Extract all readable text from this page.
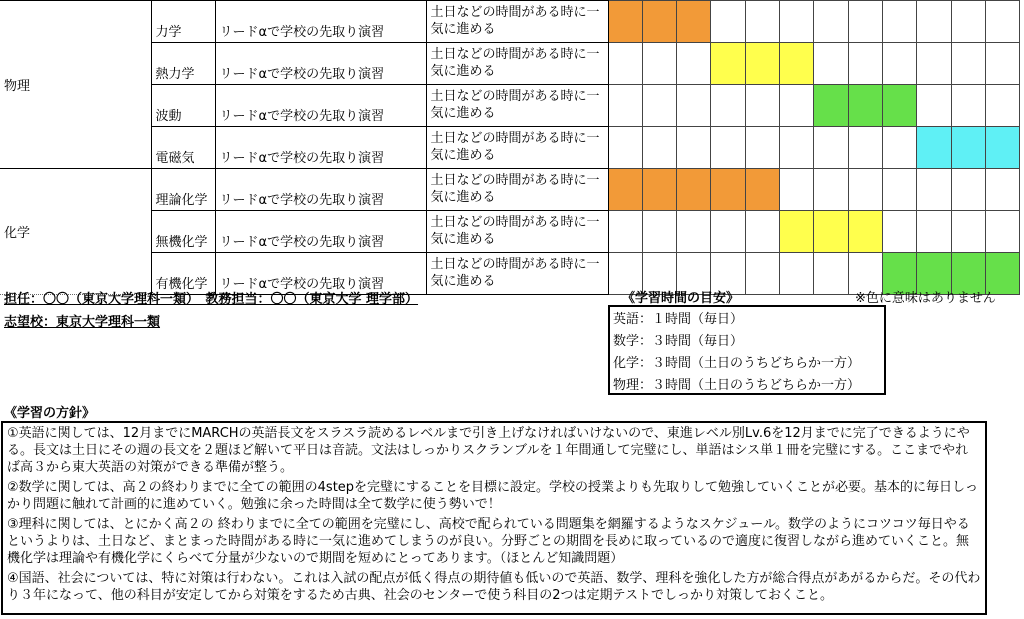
物理	力学	リードαで学校の先取り演習	土日などの時間がある時に一気に進める												
	熱力学	リードαで学校の先取り演習	土日などの時間がある時に一気に進める												
	波動	リードαで学校の先取り演習	土日などの時間がある時に一気に進める												
	電磁気	リードαで学校の先取り演習	土日などの時間がある時に一気に進める												
化学	理論化学	リードαで学校の先取り演習	土日などの時間がある時に一気に進める												
	無機化学	リードαで学校の先取り演習	土日などの時間がある時に一気に進める												
	有機化学	リードαで学校の先取り演習	土日などの時間がある時に一気に進める												
担任：〇〇（東京大学理科一類）　教務担当：〇〇（東京大学 理学部）
志望校：東京大学理科一類
《学習時間の目安》	※色に意味はありません
英語：１時間（毎日）
数学：３時間（毎日）
化学：３時間（土日のうちどちらか一方）
物理：３時間（土日のうちどちらか一方）
《学習の方針》

①英語に関しては、12月までにMARCHの英語長文をスラスラ読めるレベルまで引き上げなければいけないので、東進レベル別Lv.6を12月までに完了できるようにやる。長文は土日にその週の長文を２題ほど解いて平日は音読。文法はしっかりスクランブルを１年間通して完璧にし、単語はシス単１冊を完璧にする。ここまでやれば高３から東大英語の対策ができる準備が整う。

②数学に関しては、高２の終わりまでに全ての範囲の4stepを完璧にすることを目標に設定。学校の授業よりも先取りして勉強していくことが必要。基本的に毎日しっかり問題に触れて計画的に進めていく。勉強に余った時間は全て数学に使う勢いで！

③理科に関しては、とにかく高２の 終わりまでに全ての範囲を完璧にし、高校で配られている問題集を網羅するようなスケジュール。数学のようにコツコツ毎日やるというよりは、土日など、まとまった時間がある時に一気に進めてしまうのが良い。分野ごとの期間を長めに取っているので適度に復習しながら進めていくこと。無機化学は理論や有機化学にくらべて分量が少ないので期間を短めにとってあります。（ほとんど知識問題）

④国語、社会については、特に対策は行わない。これは入試の配点が低く得点の期待値も低いので英語、数学、理科を強化した方が総合得点があがるからだ。その代わり３年になって、他の科目が安定してから対策をするため古典、社会のセンターで使う科目の2つは定期テストでしっかり対策しておくこと。
